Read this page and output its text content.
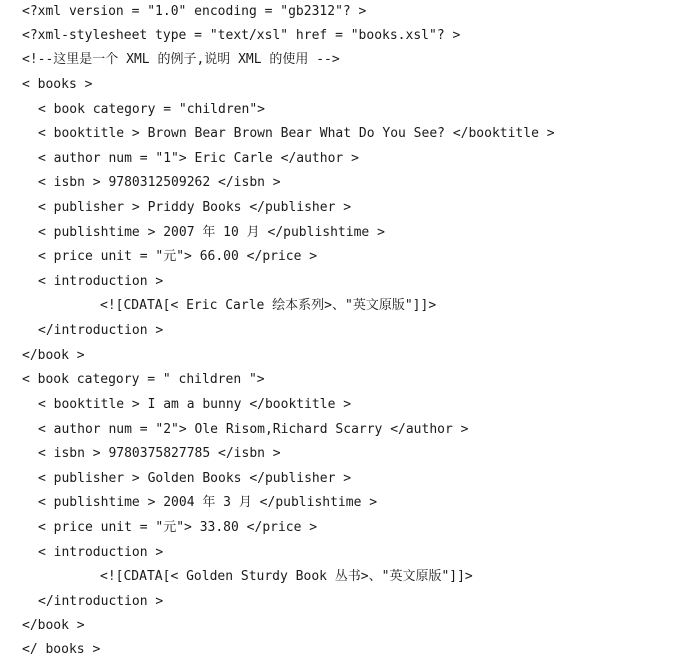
<?xml version = "1.0" encoding = "gb2312"? >
<?xml-stylesheet type = "text/xsl" href = "books.xsl"? >
<!--这里是一个 XML 的例子,说明 XML 的使用 -->
< books >
< book category = "children">
< booktitle > Brown Bear Brown Bear What Do You See? </booktitle >
< author num = "1"> Eric Carle </author >
< isbn > 9780312509262 </isbn >
< publisher > Priddy Books </publisher >
< publishtime > 2007 年 10 月 </publishtime >
< price unit = "元"> 66.00 </price >
< introduction >
<![CDATA[< Eric Carle 绘本系列>、"英文原版"]]>
</introduction >
</book >
< book category = " children ">
< booktitle > I am a bunny </booktitle >
< author num = "2"> Ole Risom,Richard Scarry </author >
< isbn > 9780375827785 </isbn >
< publisher > Golden Books </publisher >
< publishtime > 2004 年 3 月 </publishtime >
< price unit = "元"> 33.80 </price >
< introduction >
<![CDATA[< Golden Sturdy Book 丛书>、"英文原版"]]>
</introduction >
</book >
</ books >
